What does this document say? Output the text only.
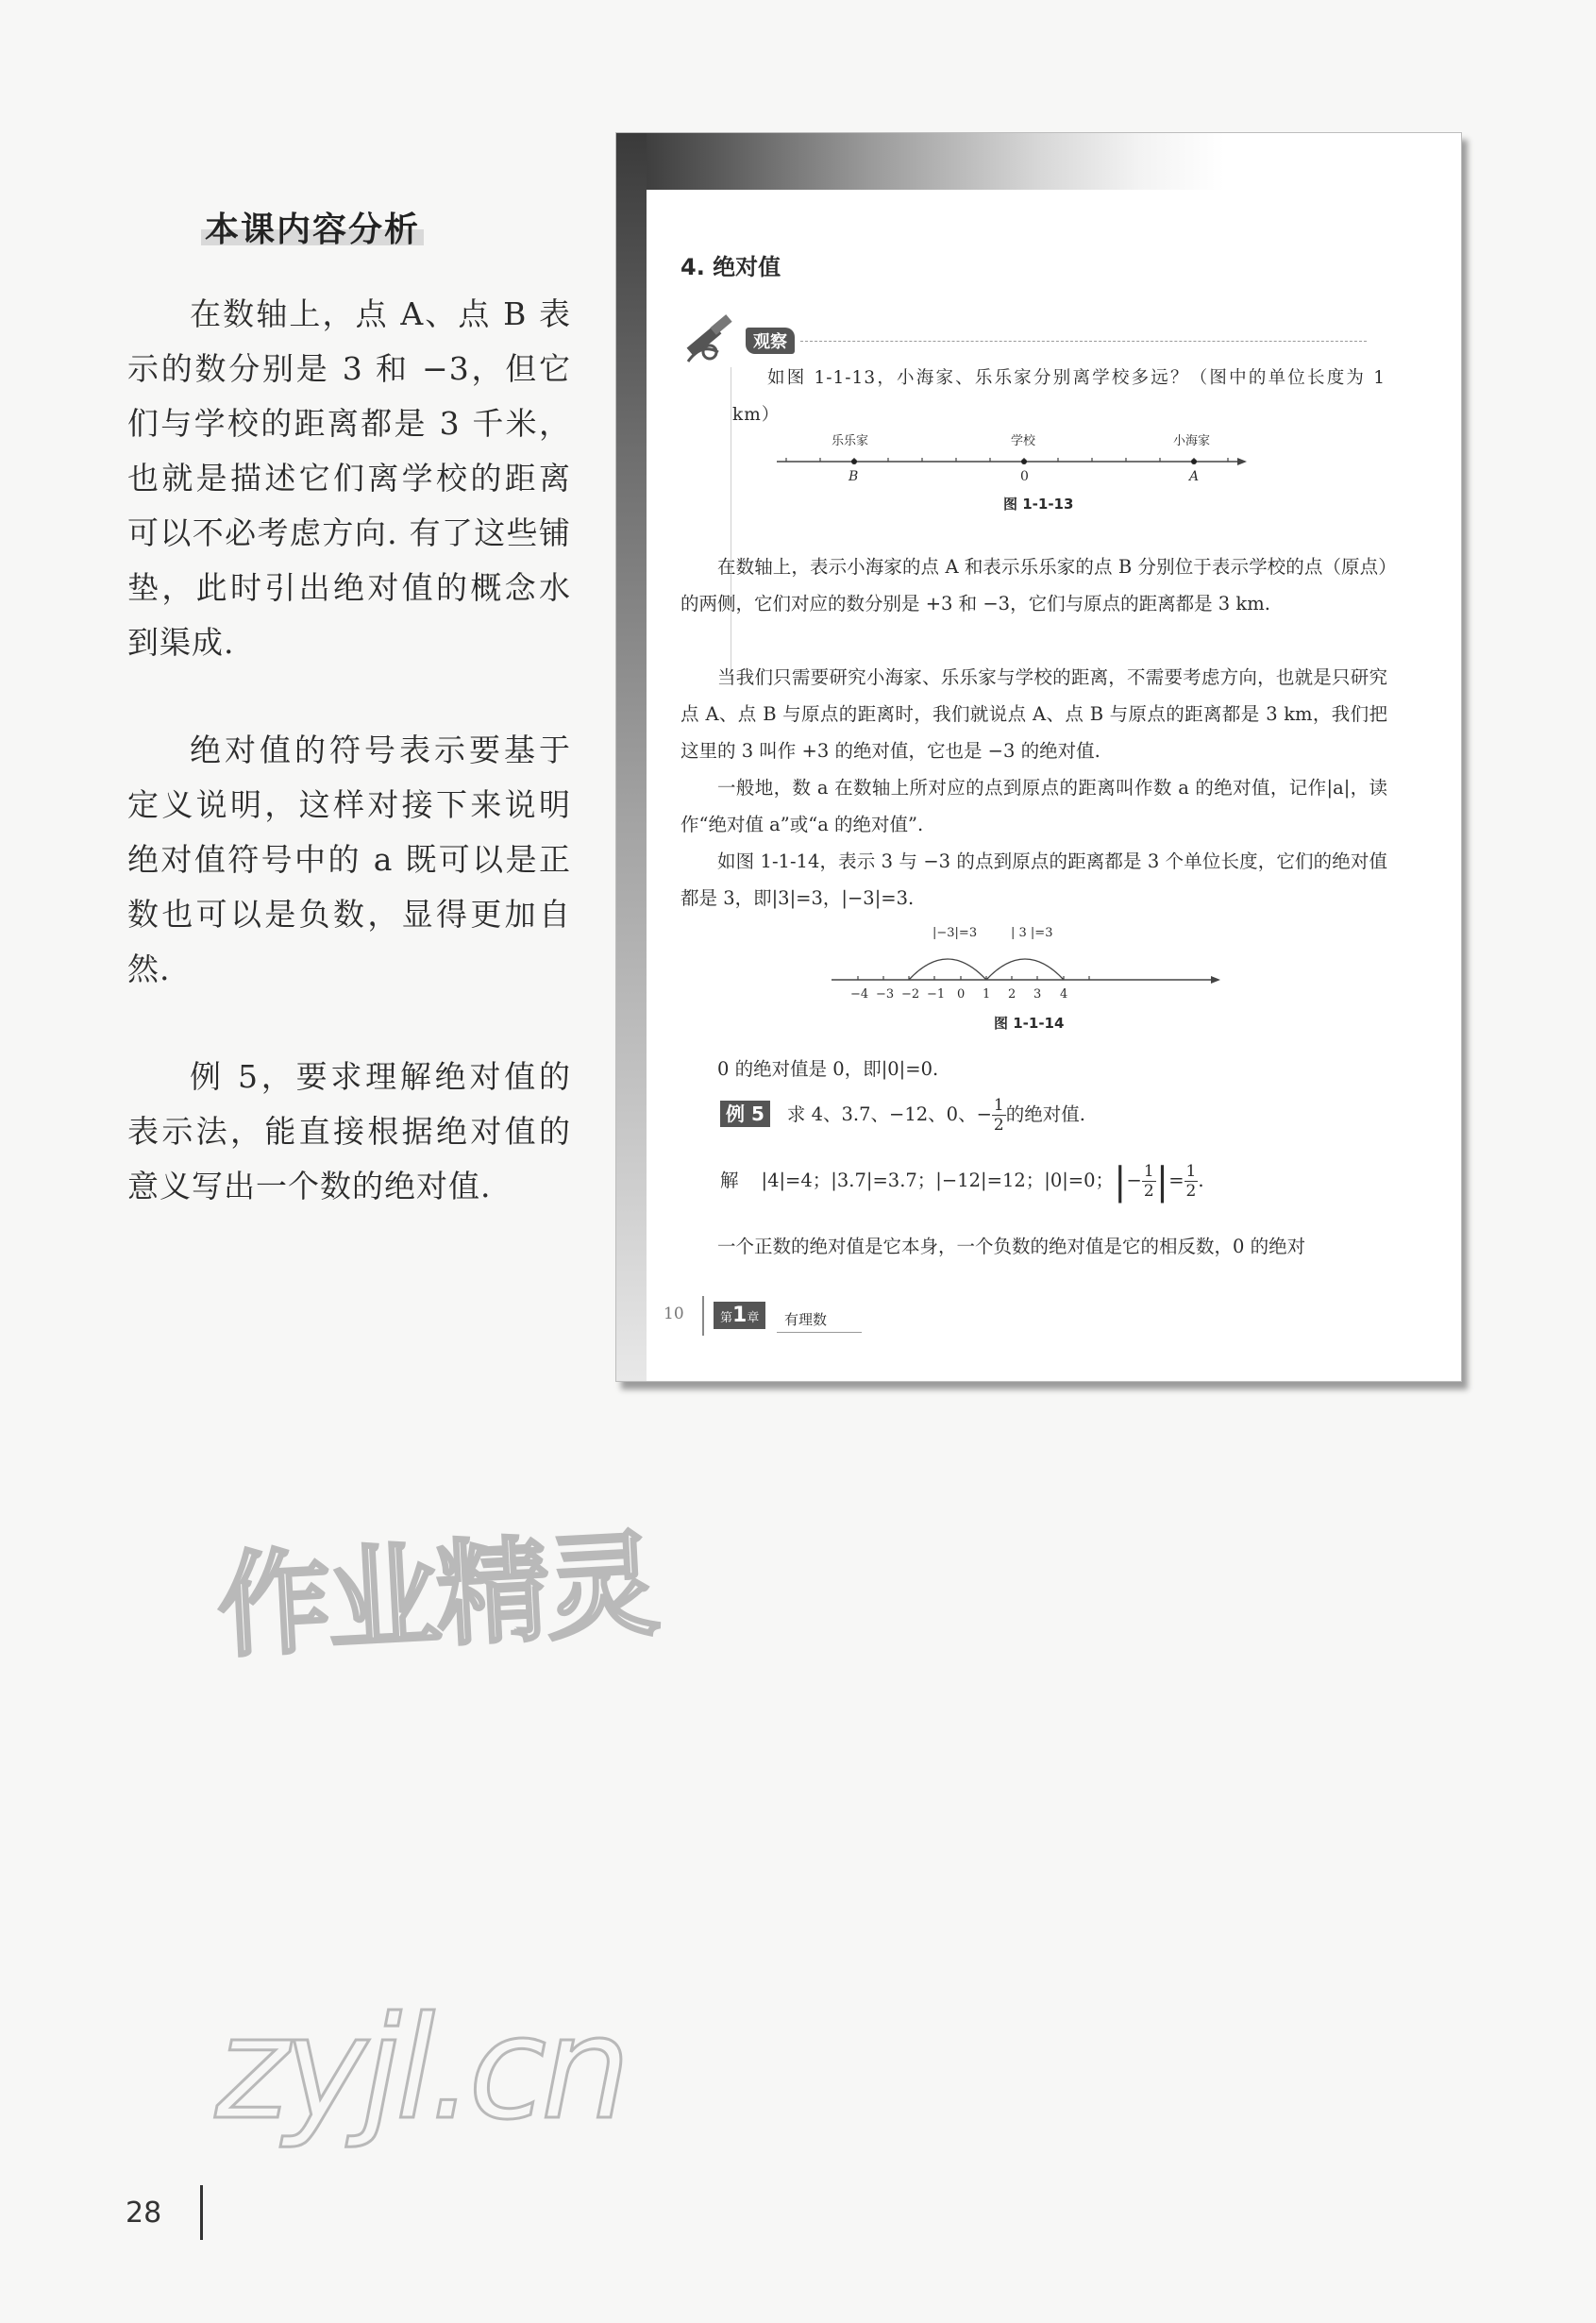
本课内容分析

在数轴上，点 A、点 B 表示的数分别是 3 和 −3，但它们与学校的距离都是 3 千米，也就是描述它们离学校的距离可以不必考虑方向. 有了这些铺垫，此时引出绝对值的概念水到渠成.

绝对值的符号表示要基于定义说明，这样对接下来说明绝对值符号中的 a 既可以是正数也可以是负数，显得更加自然.

例 5，要求理解绝对值的表示法，能直接根据绝对值的意义写出一个数的绝对值.

4. 绝对值
观察

如图 1-1-13，小海家、乐乐家分别离学校多远？（图中的单位长度为 1 km）

乐乐家	学校	小海家
B	0	A
图 1-1-13

在数轴上，表示小海家的点 A 和表示乐乐家的点 B 分别位于表示学校的点（原点）的两侧，它们对应的数分别是 +3 和 −3，它们与原点的距离都是 3 km.

当我们只需要研究小海家、乐乐家与学校的距离，不需要考虑方向，也就是只研究点 A、点 B 与原点的距离时，我们就说点 A、点 B 与原点的距离都是 3 km，我们把这里的 3 叫作 +3 的绝对值，它也是 −3 的绝对值.

一般地，数 a 在数轴上所对应的点到原点的距离叫作数 a 的绝对值，记作|a|，读作“绝对值 a”或“a 的绝对值”.

如图 1-1-14，表示 3 与 −3 的点到原点的距离都是 3 个单位长度，它们的绝对值都是 3，即|3|=3，|−3|=3.

|−3|=3	| 3 |=3
−4 −3 −2 −1 0 1 2 3 4
图 1-1-14

0 的绝对值是 0，即|0|=0.

例 5 求 4、3.7、−12、0、− $\frac{1}{2}$ 的绝对值.
解 |4|=4；|3.7|=3.7；|−12|=12；|0|=0；|− $\frac{1}{2}$ |= $\frac{1}{2}$ .

一个正数的绝对值是它本身，一个负数的绝对值是它的相反数，0 的绝对

10	第1章	有理数
作业精灵
zyjl.cn
28
